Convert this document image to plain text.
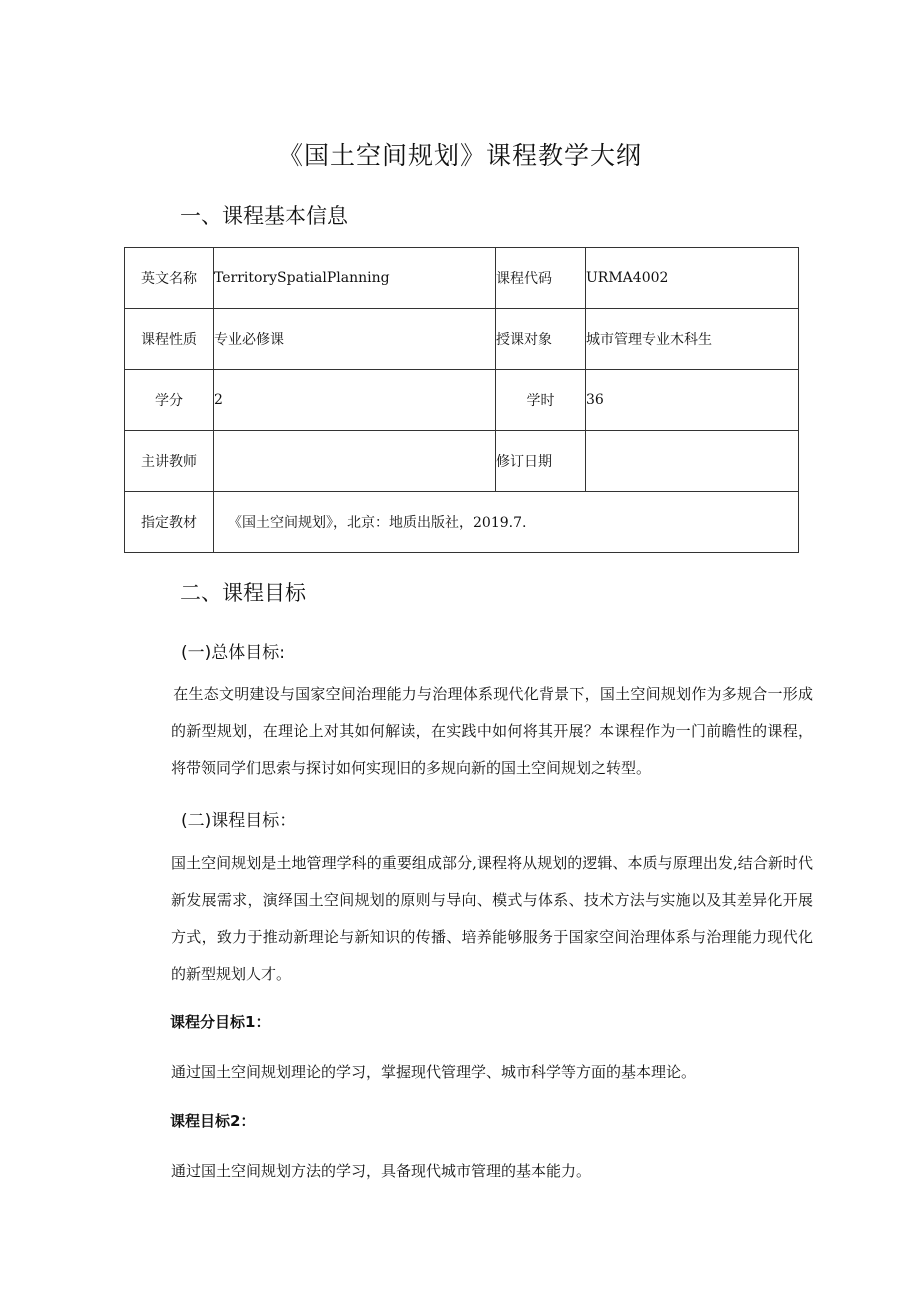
《国土空间规划》课程教学大纲
一、课程基本信息
英文名称	TerritorySpatialPlanning	课程代码	URMA4002
课程性质	专业必修课	授课对象	城市管理专业木科生
学分	2	学时	36
主讲教师		修订日期	
指定教材	《国土空间规划》，北京：地质出版社，2019.7.		
二、课程目标
(一)总体目标:
在生态文明建设与国家空间治理能力与治理体系现代化背景下，国土空间规划作为多规合一形成的新型规划，在理论上对其如何解读，在实践中如何将其开展？本课程作为一门前瞻性的课程，将带领同学们思索与探讨如何实现旧的多规向新的国土空间规划之转型。
(二)课程目标：
国土空间规划是土地管理学科的重要组成部分,课程将从规划的逻辑、本质与原理出发,结合新时代新发展需求，演绎国土空间规划的原则与导向、模式与体系、技术方法与实施以及其差异化开展方式，致力于推动新理论与新知识的传播、培养能够服务于国家空间治理体系与治理能力现代化的新型规划人才。
课程分目标1：
通过国土空间规划理论的学习，掌握现代管理学、城市科学等方面的基本理论。
课程目标2：
通过国土空间规划方法的学习，具备现代城市管理的基本能力。
